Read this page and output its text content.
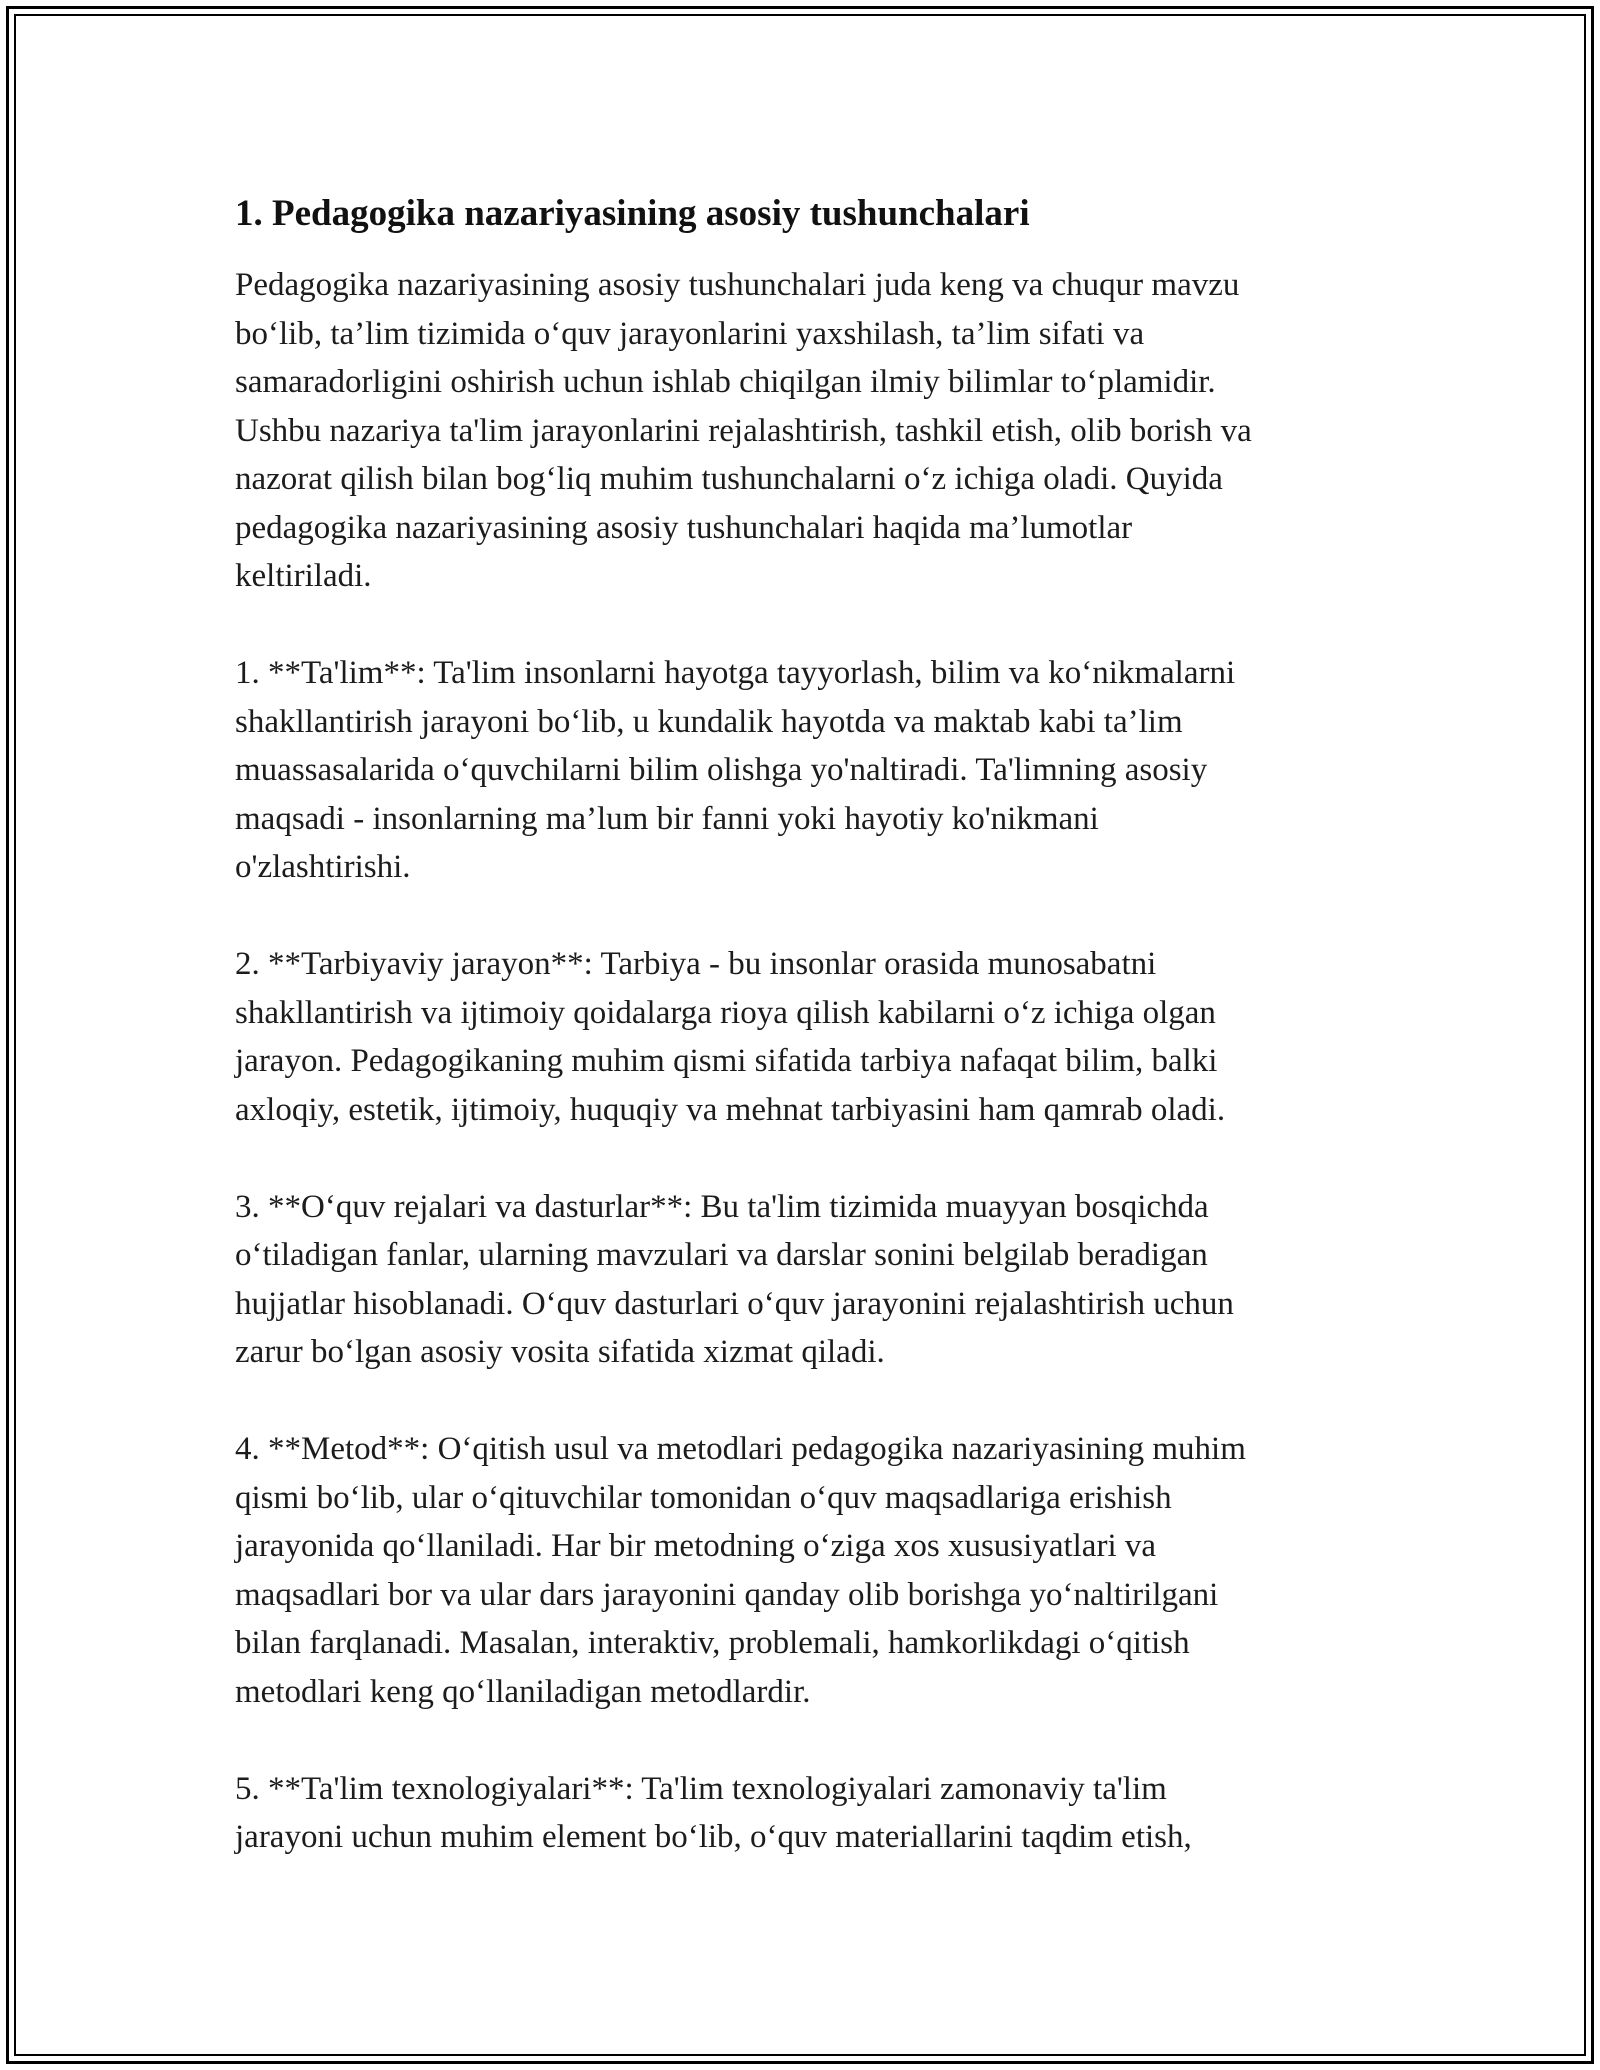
1. Pedagogika nazariyasining asosiy tushunchalari

Pedagogika nazariyasining asosiy tushunchalari juda keng va chuqur mavzu
bo‘lib, ta’lim tizimida o‘quv jarayonlarini yaxshilash, ta’lim sifati va
samaradorligini oshirish uchun ishlab chiqilgan ilmiy bilimlar to‘plamidir.
Ushbu nazariya ta'lim jarayonlarini rejalashtirish, tashkil etish, olib borish va
nazorat qilish bilan bog‘liq muhim tushunchalarni o‘z ichiga oladi. Quyida
pedagogika nazariyasining asosiy tushunchalari haqida ma’lumotlar
keltiriladi.

1. **Ta'lim**: Ta'lim insonlarni hayotga tayyorlash, bilim va ko‘nikmalarni
shakllantirish jarayoni bo‘lib, u kundalik hayotda va maktab kabi ta’lim
muassasalarida o‘quvchilarni bilim olishga yo'naltiradi. Ta'limning asosiy
maqsadi - insonlarning ma’lum bir fanni yoki hayotiy ko'nikmani
o'zlashtirishi.

2. **Tarbiyaviy jarayon**: Tarbiya - bu insonlar orasida munosabatni
shakllantirish va ijtimoiy qoidalarga rioya qilish kabilarni o‘z ichiga olgan
jarayon. Pedagogikaning muhim qismi sifatida tarbiya nafaqat bilim, balki
axloqiy, estetik, ijtimoiy, huquqiy va mehnat tarbiyasini ham qamrab oladi.

3. **O‘quv rejalari va dasturlar**: Bu ta'lim tizimida muayyan bosqichda
o‘tiladigan fanlar, ularning mavzulari va darslar sonini belgilab beradigan
hujjatlar hisoblanadi. O‘quv dasturlari o‘quv jarayonini rejalashtirish uchun
zarur bo‘lgan asosiy vosita sifatida xizmat qiladi.

4. **Metod**: O‘qitish usul va metodlari pedagogika nazariyasining muhim
qismi bo‘lib, ular o‘qituvchilar tomonidan o‘quv maqsadlariga erishish
jarayonida qo‘llaniladi. Har bir metodning o‘ziga xos xususiyatlari va
maqsadlari bor va ular dars jarayonini qanday olib borishga yo‘naltirilgani
bilan farqlanadi. Masalan, interaktiv, problemali, hamkorlikdagi o‘qitish
metodlari keng qo‘llaniladigan metodlardir.

5. **Ta'lim texnologiyalari**: Ta'lim texnologiyalari zamonaviy ta'lim
jarayoni uchun muhim element bo‘lib, o‘quv materiallarini taqdim etish,
